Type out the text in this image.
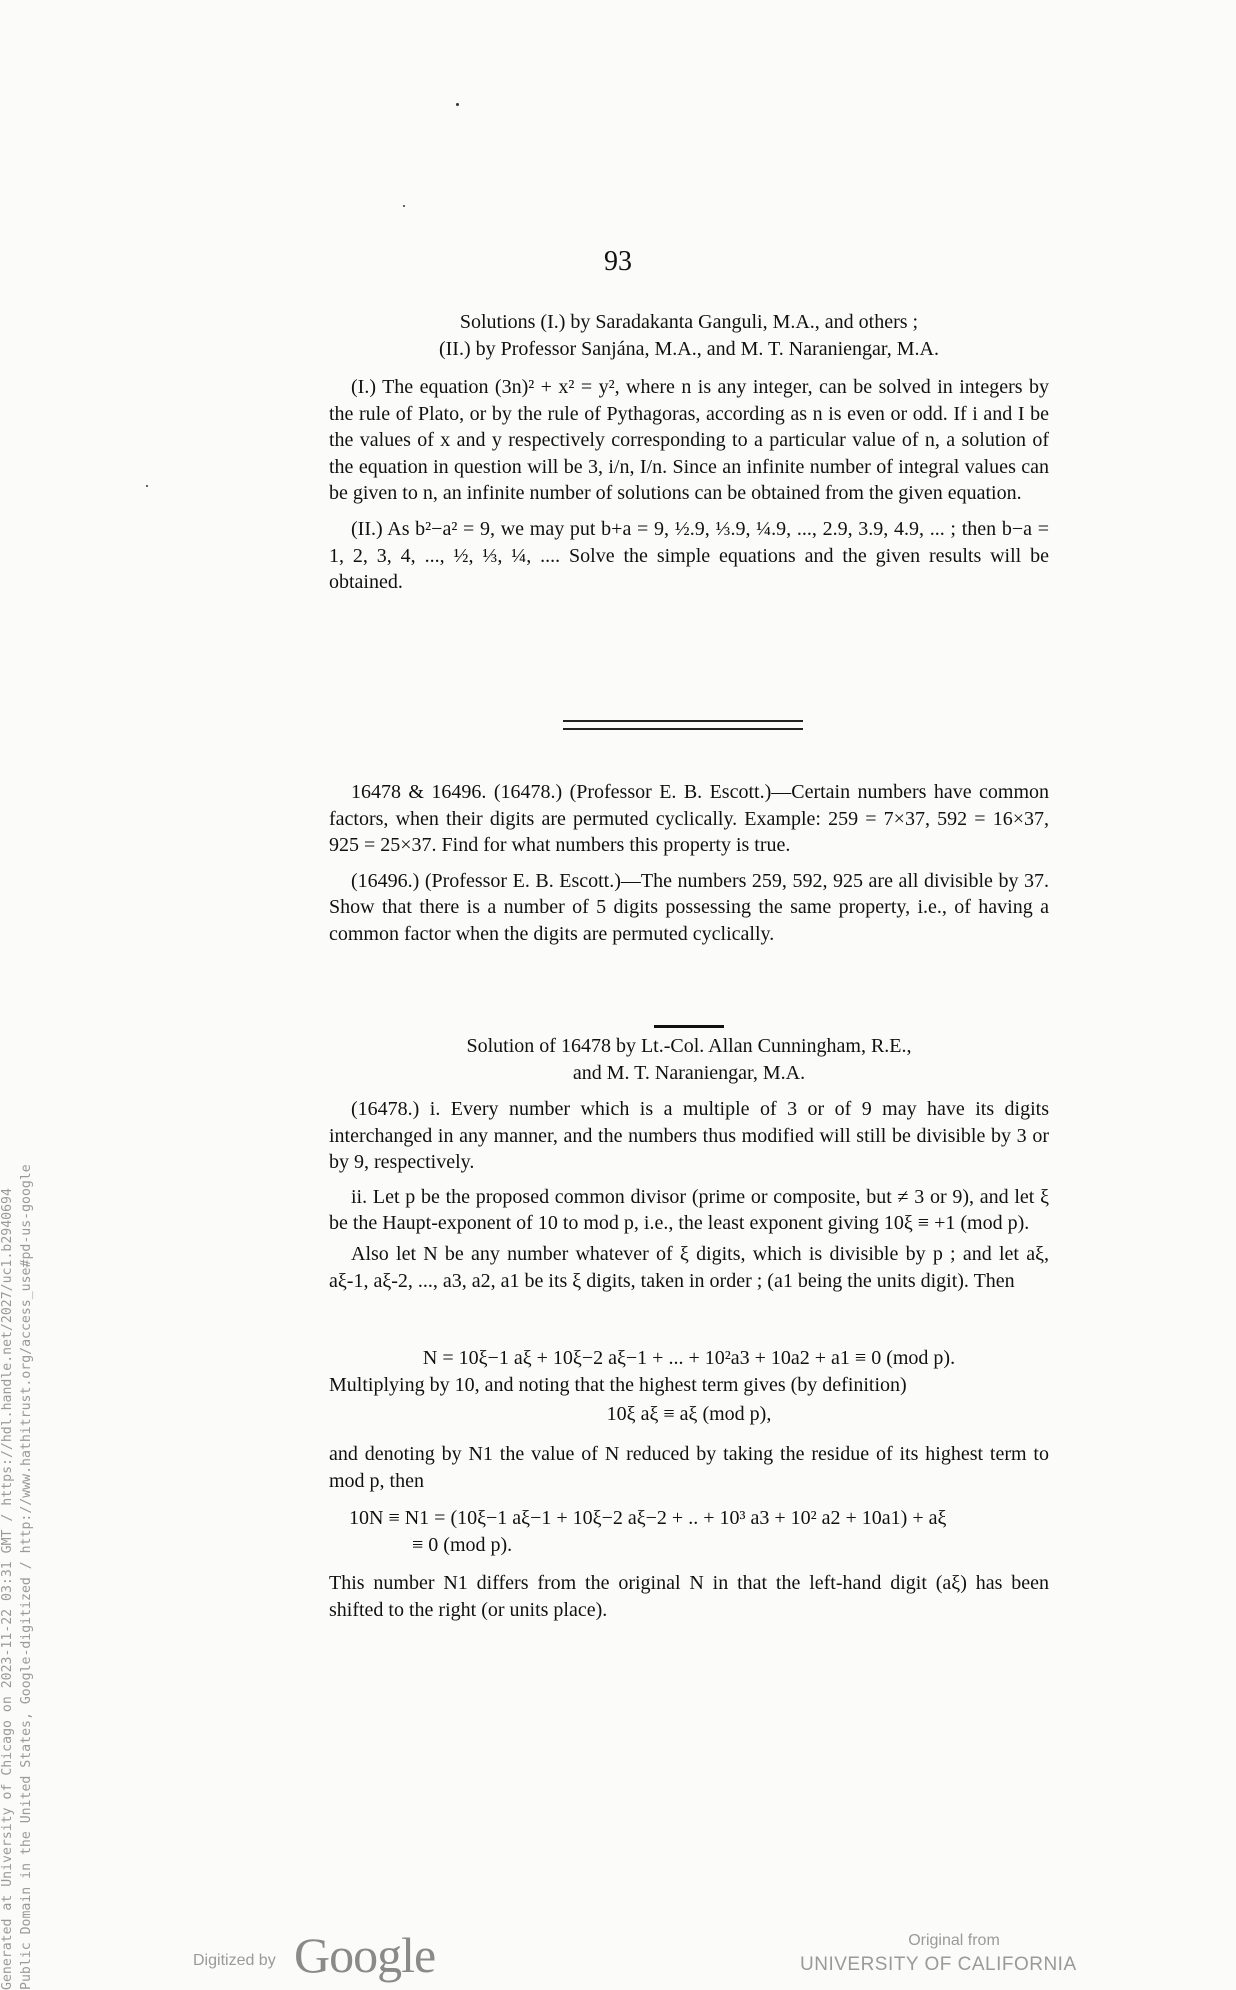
93
Solutions (I.) by Saradakanta Ganguli, M.A., and others ;
(II.) by Professor Sanjána, M.A., and M. T. Naraniengar, M.A.

(I.) The equation (3n)² + x² = y², where n is any integer, can be solved in integers by the rule of Plato, or by the rule of Pythagoras, according as n is even or odd. If i and I be the values of x and y respectively corresponding to a particular value of n, a solution of the equation in question will be 3, i/n, I/n. Since an infinite number of integral values can be given to n, an infinite number of solutions can be obtained from the given equation.

(II.) As b²−a² = 9, we may put b+a = 9, ½.9, ⅓.9, ¼.9, ..., 2.9, 3.9, 4.9, ... ; then b−a = 1, 2, 3, 4, ..., ½, ⅓, ¼, .... Solve the simple equations and the given results will be obtained.

16478 & 16496. (16478.) (Professor E. B. Escott.)—Certain numbers have common factors, when their digits are permuted cyclically. Example: 259 = 7×37, 592 = 16×37, 925 = 25×37. Find for what numbers this property is true.

(16496.) (Professor E. B. Escott.)—The numbers 259, 592, 925 are all divisible by 37. Show that there is a number of 5 digits possessing the same property, i.e., of having a common factor when the digits are permuted cyclically.

Solution of 16478 by Lt.-Col. Allan Cunningham, R.E.,
and M. T. Naraniengar, M.A.

(16478.) i. Every number which is a multiple of 3 or of 9 may have its digits interchanged in any manner, and the numbers thus modified will still be divisible by 3 or by 9, respectively.

ii. Let p be the proposed common divisor (prime or composite, but ≠ 3 or 9), and let ξ be the Haupt-exponent of 10 to mod p, i.e., the least exponent giving 10ξ ≡ +1 (mod p).

Also let N be any number whatever of ξ digits, which is divisible by p ; and let aξ, aξ-1, aξ-2, ..., a3, a2, a1 be its ξ digits, taken in order ; (a1 being the units digit). Then

N = 10ξ−1 aξ + 10ξ−2 aξ−1 + ... + 10²a3 + 10a2 + a1 ≡ 0 (mod p).

Multiplying by 10, and noting that the highest term gives (by definition)

10ξ aξ ≡ aξ (mod p),

and denoting by N1 the value of N reduced by taking the residue of its highest term to mod p, then

10N ≡ N1 = (10ξ−1 aξ−1 + 10ξ−2 aξ−2 + .. + 10³ a3 + 10² a2 + 10a1) + aξ
≡ 0 (mod p).

This number N1 differs from the original N in that the left-hand digit (aξ) has been shifted to the right (or units place).

Generated at University of Chicago on 2023-11-22 03:31 GMT / https://hdl.handle.net/2027/uc1.b2940694 Public Domain in the United States, Google-digitized / http://www.hathitrust.org/access_use#pd-us-google	Digitized by Google	Original from
UNIVERSITY OF CALIFORNIA
